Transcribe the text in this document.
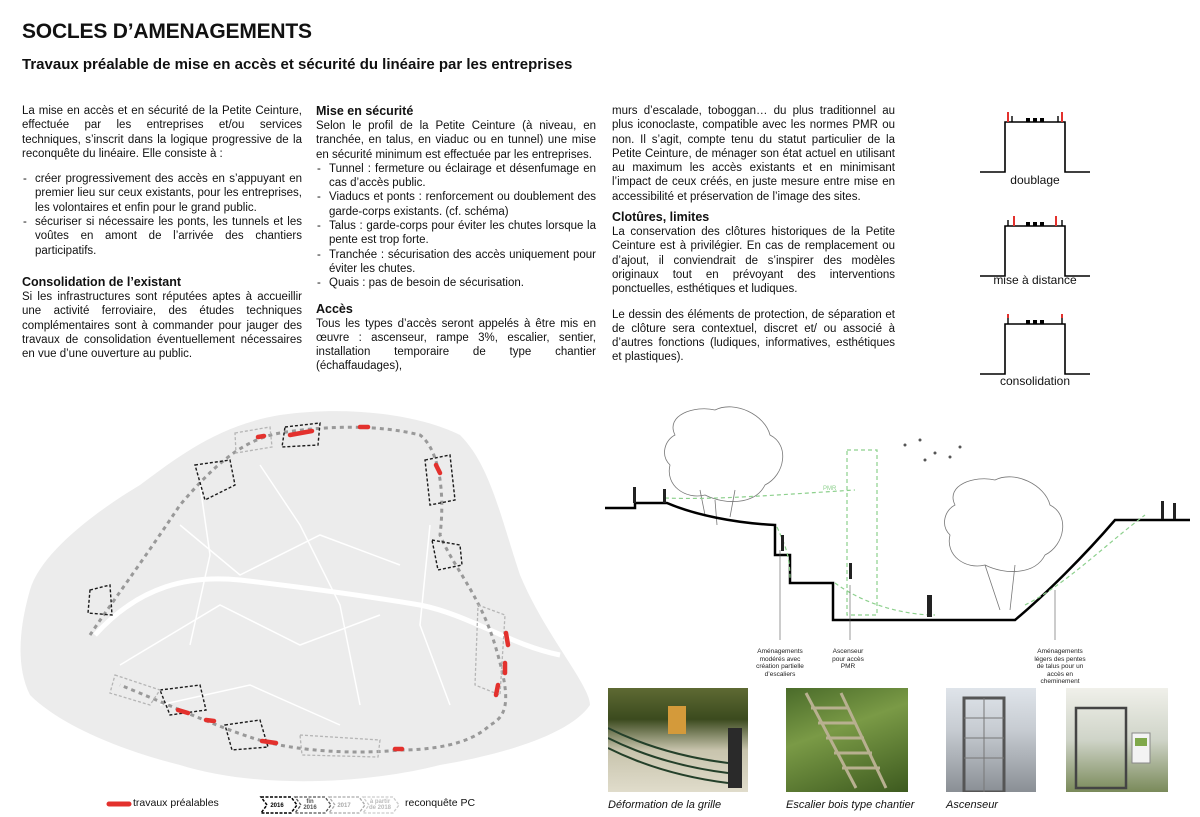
SOCLES D’AMENAGEMENTS
Travaux préalable de mise en accès et sécurité du linéaire par les entreprises

La mise en accès et en sécurité de la Petite Ceinture, effectuée par les entreprises et/ou services techniques, s’inscrit dans la logique progressive de la reconquête du linéaire. Elle consiste à :

- créer progressivement des accès en s’appuyant en premier lieu sur ceux existants, pour les entreprises, les volontaires et enfin pour le grand public.
- sécuriser si nécessaire les ponts, les tunnels et les voûtes en amont de l’arrivée des chantiers participatifs.
Consolidation de l’existant

Si les infrastructures sont réputées aptes à accueillir une activité ferroviaire, des études techniques complémentaires sont à commander pour jauger des travaux de consolidation éventuellement nécessaires en vue d’une ouverture au public.

Mise en sécurité

Selon le profil de la Petite Ceinture (à niveau, en tranchée, en talus, en viaduc ou en tunnel) une mise en sécurité minimum est effectuée par les entreprises.

- Tunnel : fermeture ou éclairage et désenfumage en cas d’accès public.
- Viaducs et ponts : renforcement ou doublement des garde-corps existants. (cf. schéma)
- Talus : garde-corps pour éviter les chutes lorsque la pente est trop forte.
- Tranchée : sécurisation des accès uniquement pour éviter les chutes.
- Quais : pas de besoin de sécurisation.
Accès

Tous les types d’accès seront appelés à être mis en œuvre : ascenseur, rampe 3%, escalier, sentier, installation temporaire de type chantier (échaffaudages),

murs d’escalade, toboggan… du plus traditionnel au plus iconoclaste, compatible avec les normes PMR ou non. Il s’agit, compte tenu du statut particulier de la Petite Ceinture, de ménager son état actuel en utilisant au maximum les accès existants et en minimisant l’impact de ceux créés, en juste mesure entre mise en accessibilité et préservation de l’image des sites.

Clotûres, limites

La conservation des clôtures historiques de la Petite Ceinture est à privilégier. En cas de remplacement ou d’ajout, il conviendrait de s’inspirer des modèles originaux tout en prévoyant des interventions ponctuelles, esthétiques et ludiques.

Le dessin des éléments de protection, de séparation et de clôture sera contextuel, discret et/ ou associé à d’autres fonctions (ludiques, informatives, esthétiques et plastiques).

doublage
mise à distance
consolidation
travaux préalables	2016
fin 2016	2017
à partir de 2018 reconquête PC
PMR
Aménagements modérés avec création partielle d’escaliers
Ascenseur pour accès PMR
Aménagements légers des pentes de talus pour un accès en cheminement
Déformation de la grille	Escalier bois type chantier	Ascenseur
